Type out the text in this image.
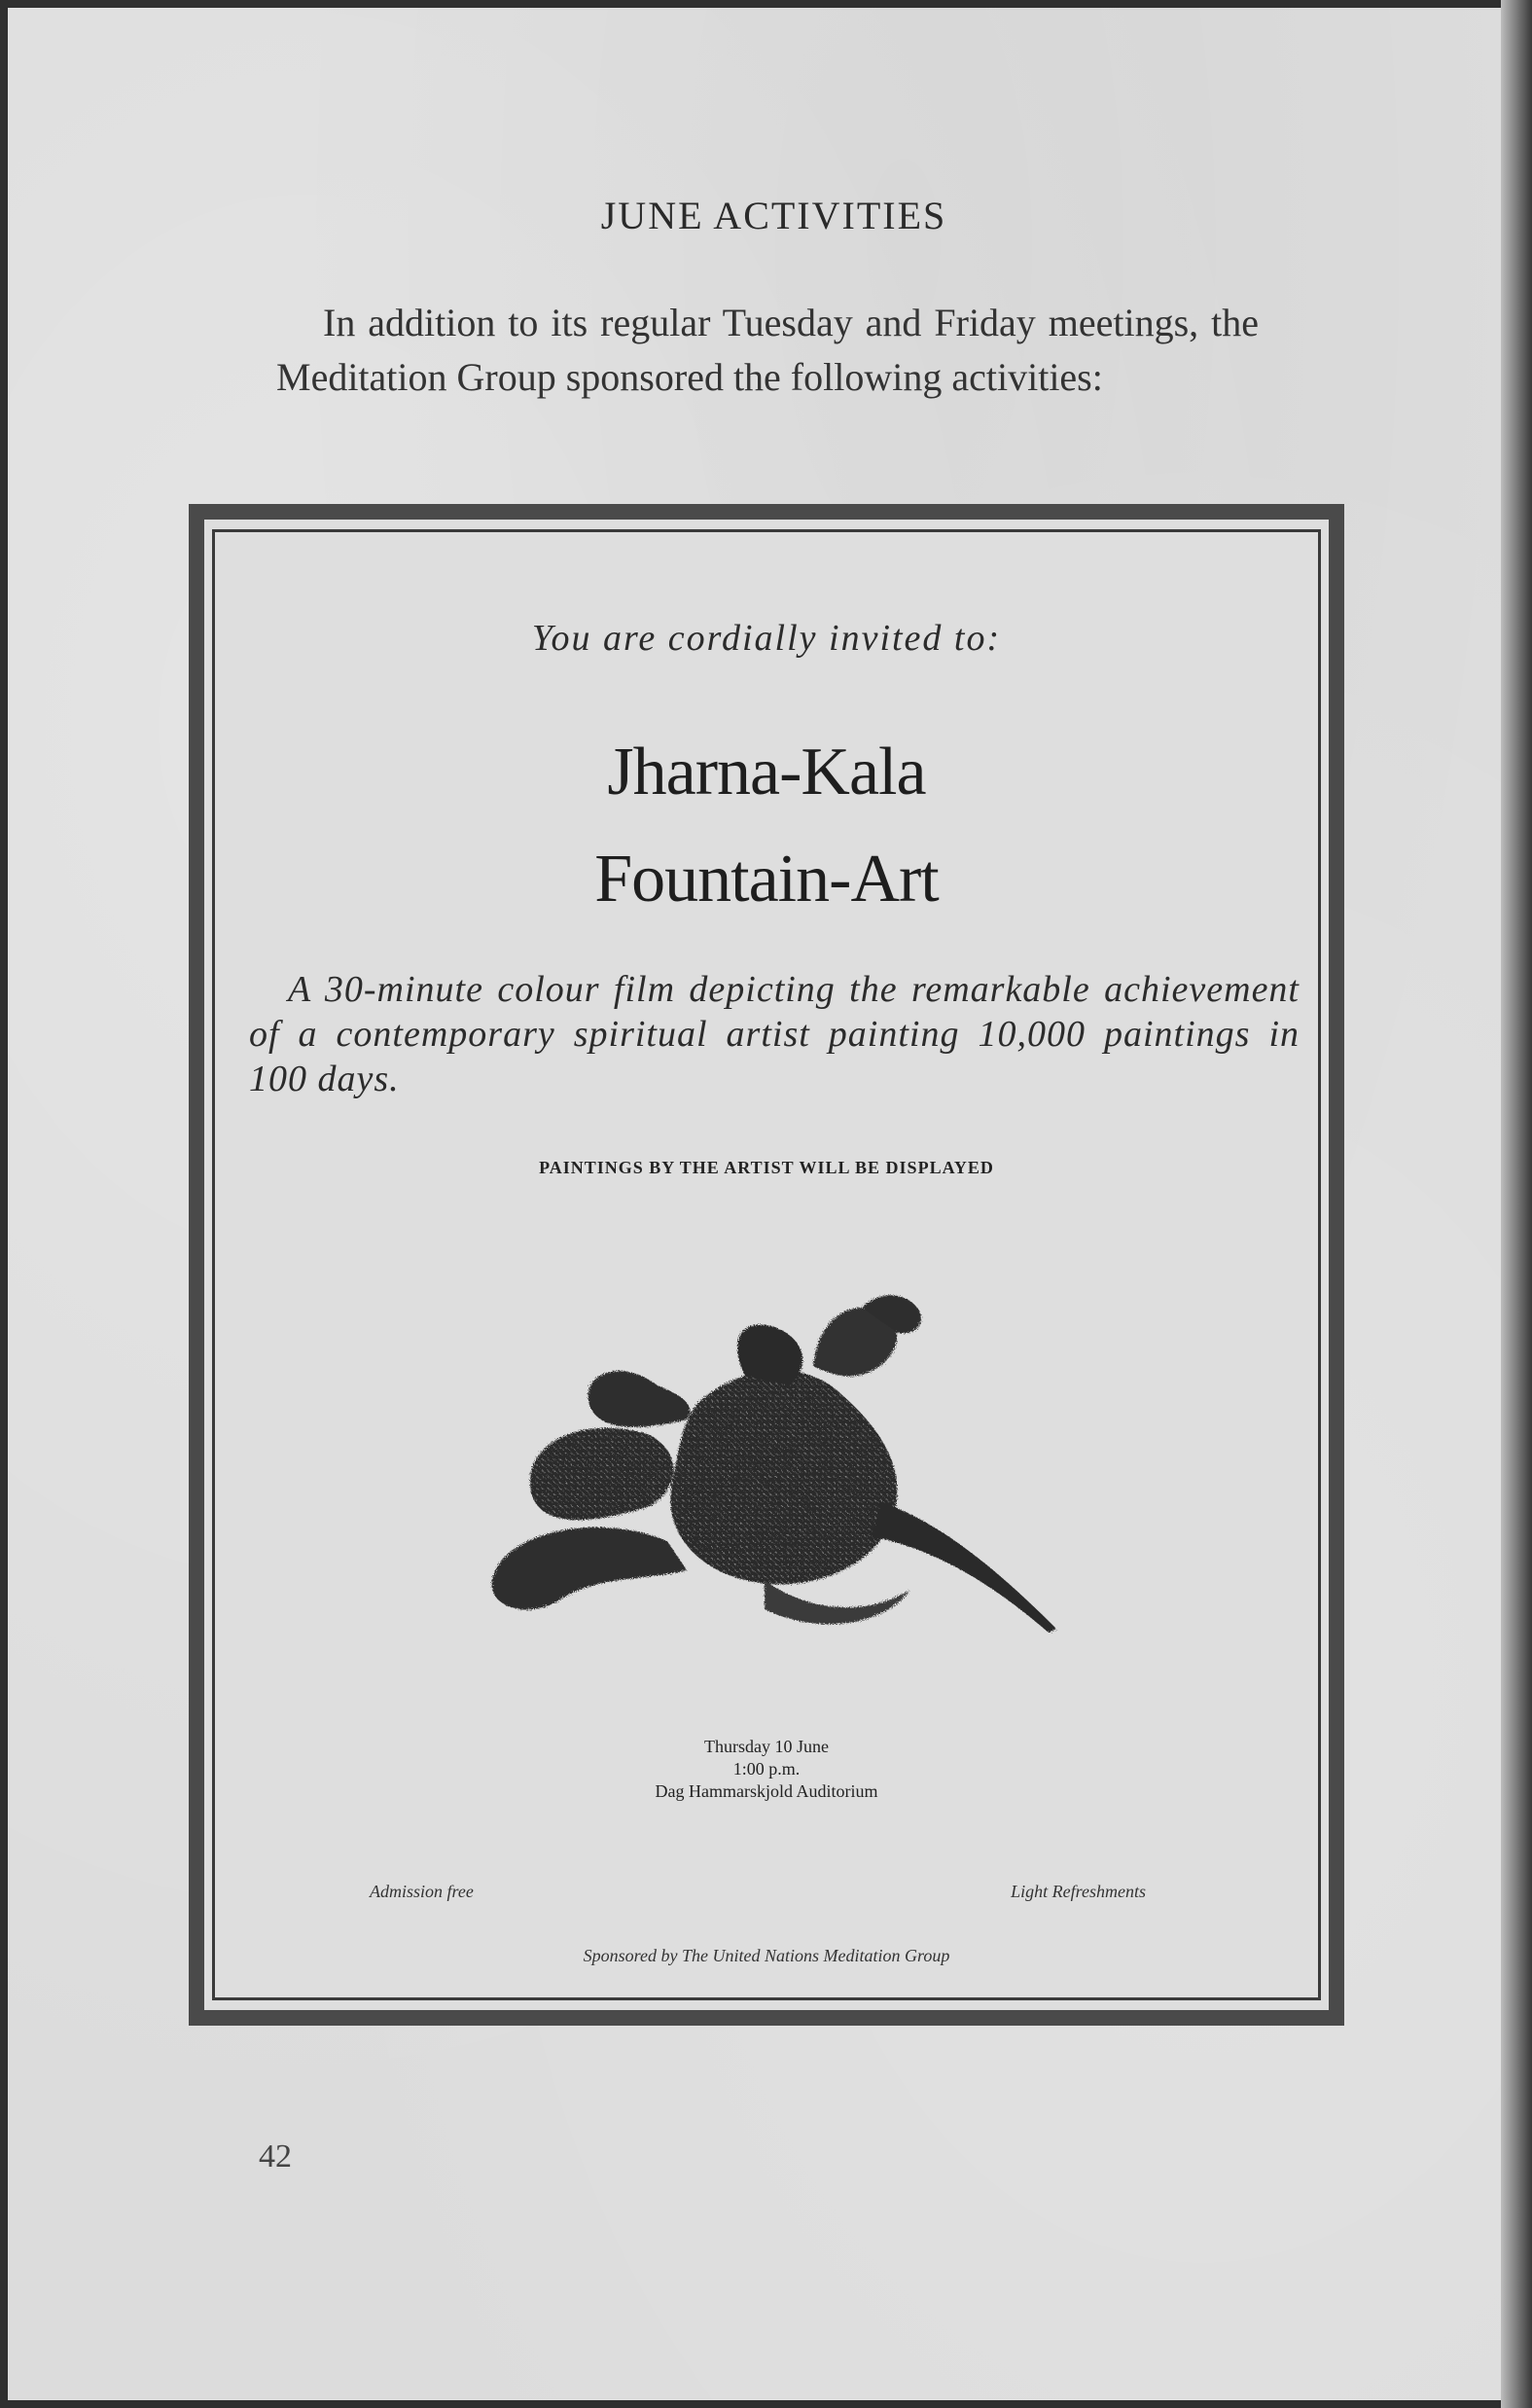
JUNE ACTIVITIES

In addition to its regular Tuesday and Friday meetings, the Meditation Group sponsored the following activities:

You are cordially invited to:

Jharna-Kala
Fountain-Art

A 30-minute colour film depicting the remarkable achievement of a contemporary spiritual artist painting 10,000 paintings in 100 days.

PAINTINGS BY THE ARTIST WILL BE DISPLAYED

Thursday 10 June
1:00 p.m.
Dag Hammarskjold Auditorium

Admission free	Light Refreshments

Sponsored by The United Nations Meditation Group

42
